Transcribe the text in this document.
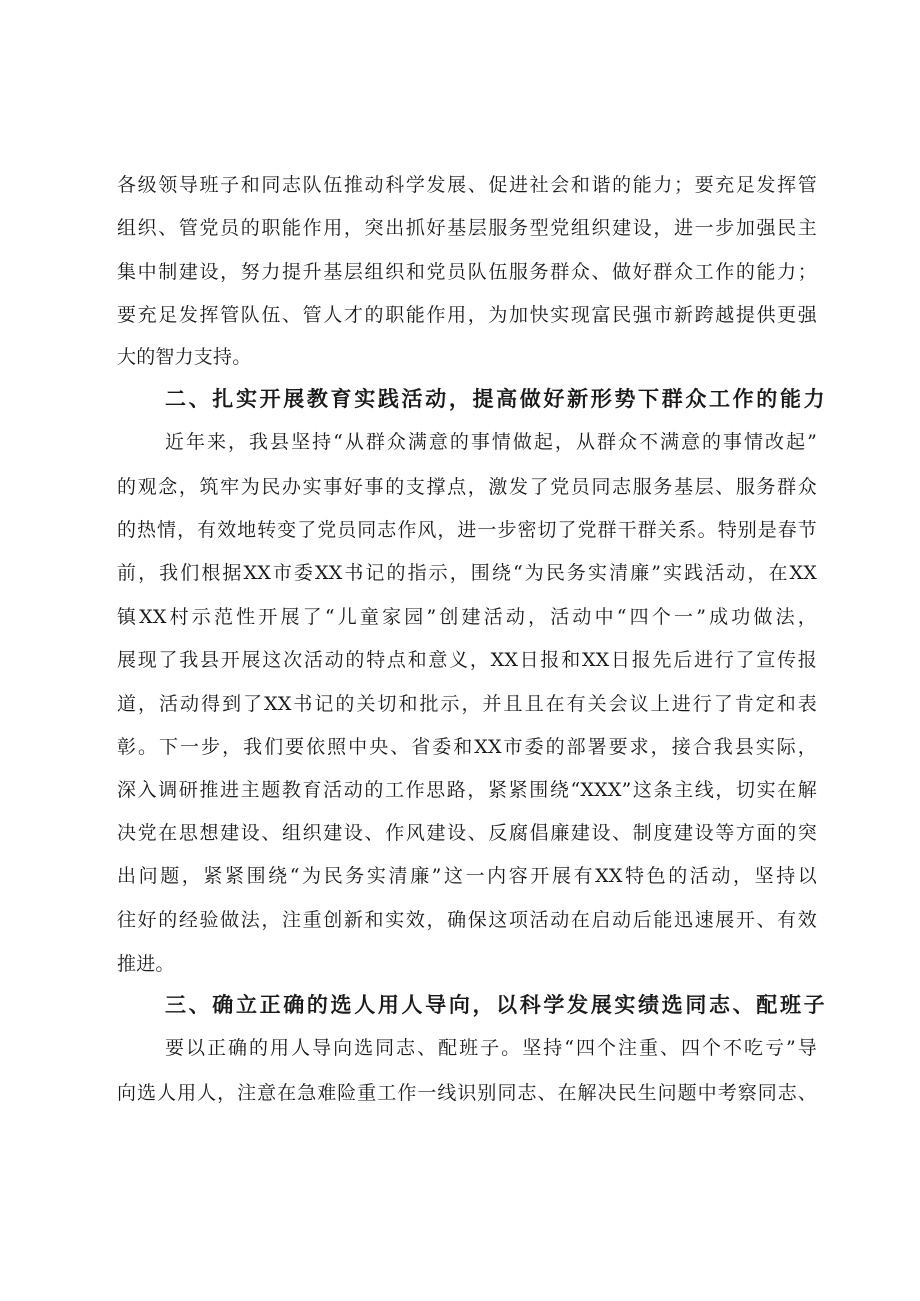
各级领导班子和同志队伍推动科学发展、促进社会和谐的能力；要充足发挥管
组织、管党员的职能作用，突出抓好基层服务型党组织建设，进一步加强民主
集中制建设，努力提升基层组织和党员队伍服务群众、做好群众工作的能力；
要充足发挥管队伍、管人才的职能作用，为加快实现富民强市新跨越提供更强
大的智力支持。
二、扎实开展教育实践活动，提高做好新形势下群众工作的能力
近年来，我县坚持“从群众满意的事情做起，从群众不满意的事情改起”
的观念，筑牢为民办实事好事的支撑点，激发了党员同志服务基层、服务群众
的热情，有效地转变了党员同志作风，进一步密切了党群干群关系。特别是春节
前，我们根据XX市委XX书记的指示，围绕“为民务实清廉”实践活动，在XX
镇XX村示范性开展了“儿童家园”创建活动，活动中“四个一”成功做法，
展现了我县开展这次活动的特点和意义，XX日报和XX日报先后进行了宣传报
道，活动得到了XX书记的关切和批示，并且且在有关会议上进行了肯定和表
彰。下一步，我们要依照中央、省委和XX市委的部署要求，接合我县实际，
深入调研推进主题教育活动的工作思路，紧紧围绕“XXX”这条主线，切实在解
决党在思想建设、组织建设、作风建设、反腐倡廉建设、制度建设等方面的突
出问题，紧紧围绕“为民务实清廉”这一内容开展有XX特色的活动，坚持以
往好的经验做法，注重创新和实效，确保这项活动在启动后能迅速展开、有效
推进。
三、确立正确的选人用人导向，以科学发展实绩选同志、配班子
要以正确的用人导向选同志、配班子。坚持“四个注重、四个不吃亏”导
向选人用人，注意在急难险重工作一线识别同志、在解决民生问题中考察同志、
